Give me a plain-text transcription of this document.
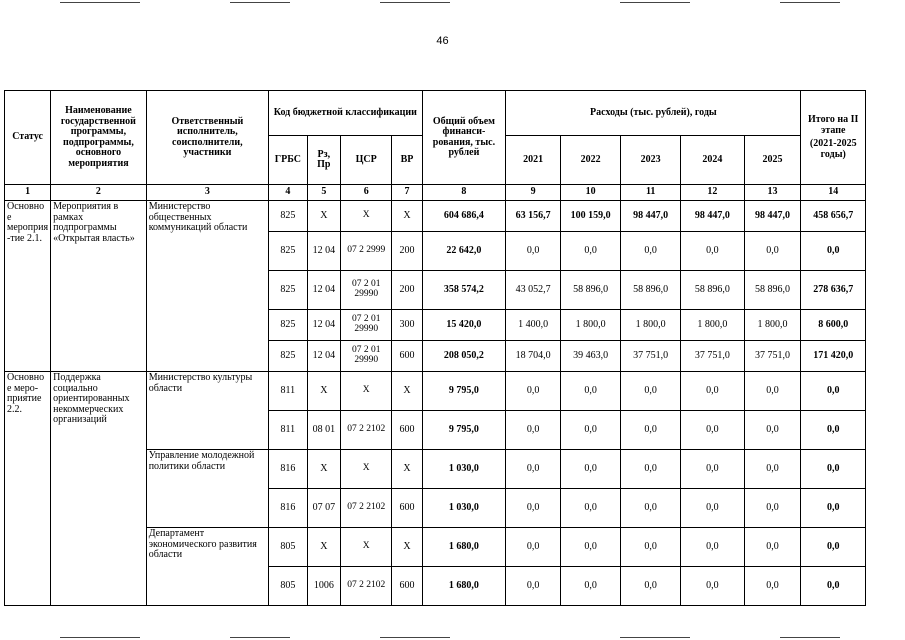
46
Статус	Наименование государственной программы, подпрограммы, основного мероприятия	Ответственный исполнитель, соисполнители, участники	Код бюджетной классификации				Общий объем финанси-рования, тыс. рублей	Расходы (тыс. рублей), годы					Итого на II этапе
(2021-2025 годы)

			ГРБС	Рз, Пр	ЦСР	ВР		2021	2022	2023	2024	2025	
1	2	3	4	5	6	7	8	9	10	11	12	13	14
Основное мероприя-тие 2.1.	Мероприятия в рамках подпрограммы «Открытая власть»	Министерство общественных коммуникаций области	825	X	X	X	604 686,4	63 156,7	100 159,0	98 447,0	98 447,0	98 447,0	458 656,7
			825	12 04	07 2 2999	200	22 642,0	0,0	0,0	0,0	0,0	0,0	0,0
			825	12 04	07 2 01 29990	200	358 574,2	43 052,7	58 896,0	58 896,0	58 896,0	58 896,0	278 636,7
			825	12 04	07 2 01 29990	300	15 420,0	1 400,0	1 800,0	1 800,0	1 800,0	1 800,0	8 600,0
			825	12 04	07 2 01 29990	600	208 050,2	18 704,0	39 463,0	37 751,0	37 751,0	37 751,0	171 420,0
Основное меро-приятие 2.2.	Поддержка социально ориентированных некоммерческих организаций	Министерство культуры области	811	X	X	X	9 795,0	0,0	0,0	0,0	0,0	0,0	0,0
			811	08 01	07 2 2102	600	9 795,0	0,0	0,0	0,0	0,0	0,0	0,0
		Управление молодежной политики области	816	X	X	X	1 030,0	0,0	0,0	0,0	0,0	0,0	0,0
			816	07 07	07 2 2102	600	1 030,0	0,0	0,0	0,0	0,0	0,0	0,0
		Департамент экономического развития области	805	X	X	X	1 680,0	0,0	0,0	0,0	0,0	0,0	0,0
			805	1006	07 2 2102	600	1 680,0	0,0	0,0	0,0	0,0	0,0	0,0
